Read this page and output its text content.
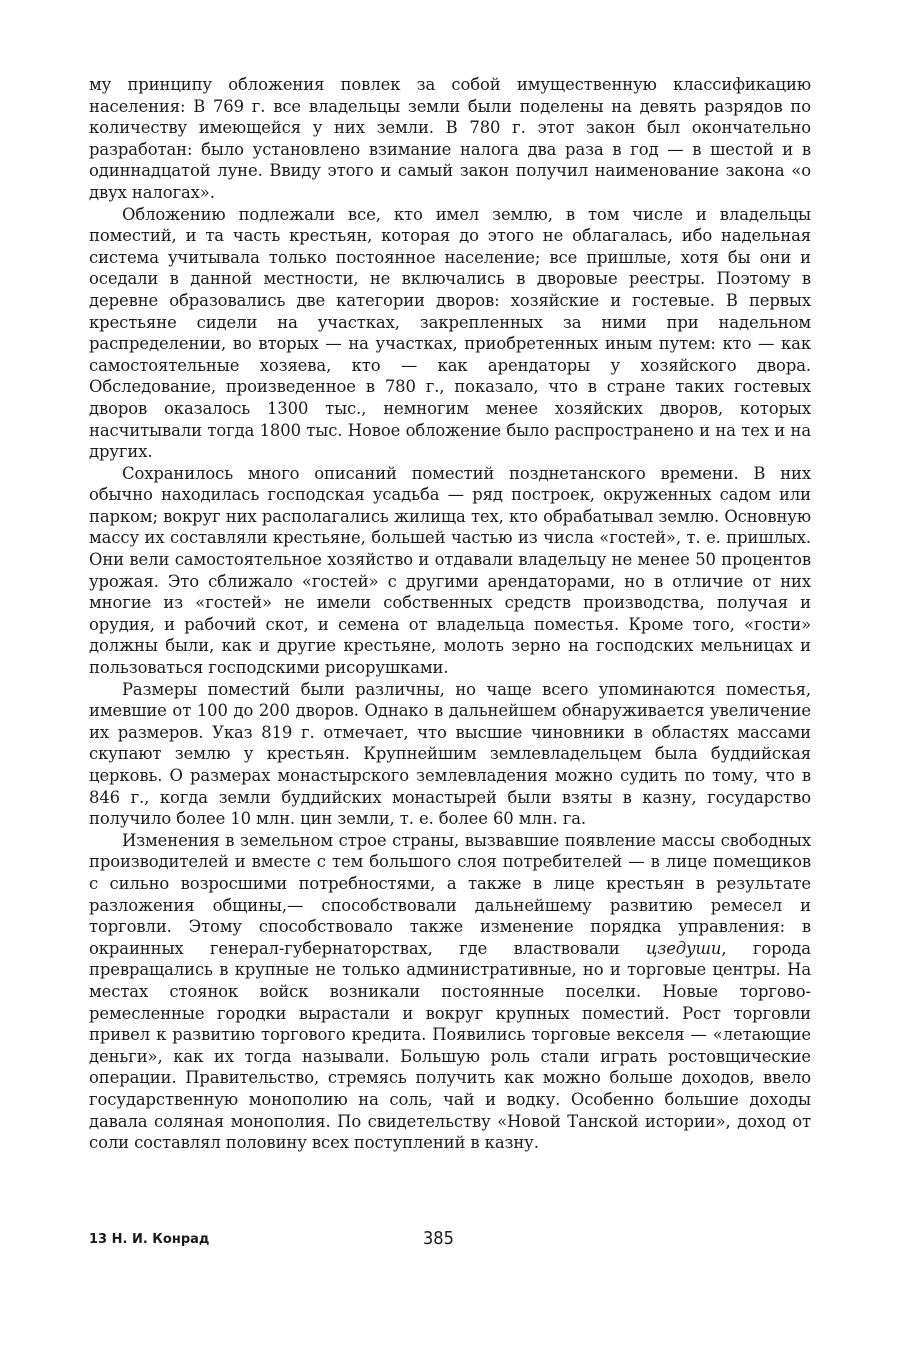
му принципу обложения повлек за собой имущественную классификацию населения: В 769 г. все владельцы земли были поделены на девять разрядов по количеству имеющейся у них земли. В 780 г. этот закон был окончательно разработан: было установлено взимание налога два раза в год — в шестой и в одиннадцатой луне. Ввиду этого и самый закон получил наименование закона «о двух налогах».

Обложению подлежали все, кто имел землю, в том числе и владельцы поместий, и та часть крестьян, которая до этого не облагалась, ибо надельная система учитывала только постоянное население; все пришлые, хотя бы они и оседали в данной местности, не включались в дворовые реестры. Поэтому в деревне образовались две категории дворов: хозяйские и гостевые. В первых крестьяне сидели на участках, закрепленных за ними при надельном распределении, во вторых — на участках, приобретенных иным путем: кто — как самостоятельные хозяева, кто — как арендаторы у хозяйского двора. Обследование, произведенное в 780 г., показало, что в стране таких гостевых дворов оказалось 1300 тыс., немногим менее хозяйских дворов, которых насчитывали тогда 1800 тыс. Новое обложение было распространено и на тех и на других.

Сохранилось много описаний поместий позднетанского времени. В них обычно находилась господская усадьба — ряд построек, окруженных садом или парком; вокруг них располагались жилища тех, кто обрабатывал землю. Основную массу их составляли крестьяне, большей частью из числа «гостей», т. е. пришлых. Они вели самостоятельное хозяйство и отдавали владельцу не менее 50 процентов урожая. Это сближало «гостей» с другими арендаторами, но в отличие от них многие из «гостей» не имели собственных средств производства, получая и орудия, и рабочий скот, и семена от владельца поместья. Кроме того, «гости» должны были, как и другие крестьяне, молоть зерно на господских мельницах и пользоваться господскими рисорушками.

Размеры поместий были различны, но чаще всего упоминаются поместья, имевшие от 100 до 200 дворов. Однако в дальнейшем обнаруживается увеличение их размеров. Указ 819 г. отмечает, что высшие чиновники в областях массами скупают землю у крестьян. Крупнейшим землевладельцем была буддийская церковь. О размерах монастырского землевладения можно судить по тому, что в 846 г., когда земли буддийских монастырей были взяты в казну, государство получило более 10 млн. цин земли, т. е. более 60 млн. га.

Изменения в земельном строе страны, вызвавшие появление массы свободных производителей и вместе с тем большого слоя потребителей — в лице помещиков с сильно возросшими потребностями, а также в лице крестьян в результате разложения общины,— способствовали дальнейшему развитию ремесел и торговли. Этому способствовало также изменение порядка управления: в окраинных генерал-губернаторствах, где властвовали цзедуши, города превращались в крупные не только административные, но и торговые центры. На местах стоянок войск возникали постоянные поселки. Новые торгово-ремесленные городки вырастали и вокруг крупных поместий. Рост торговли привел к развитию торгового кредита. Появились торговые векселя — «летающие деньги», как их тогда называли. Большую роль стали играть ростовщические операции. Правительство, стремясь получить как можно больше доходов, ввело государственную монополию на соль, чай и водку. Особенно большие доходы давала соляная монополия. По свидетельству «Новой Танской истории», доход от соли составлял половину всех поступлений в казну.

13 Н. И. Конрад	385
